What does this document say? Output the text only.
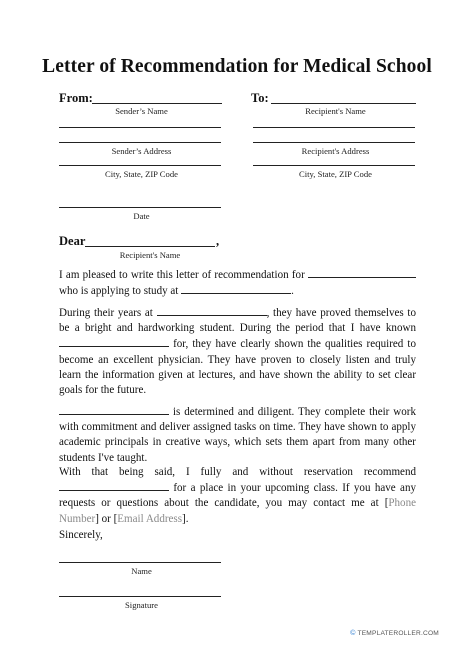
Letter of Recommendation for Medical School
From:
Sender’s Name
To:
Recipient's Name
Sender’s Address	Recipient's Address
City, State, ZIP Code	City, State, ZIP Code
Date
Dear	,
Recipient's Name

I am pleased to write this letter of recommendation for  who is applying to study at	.

During their years at	, they have proved themselves to be a bright and hardworking student. During the period that I have known  for, they have clearly shown the qualities required to become an excellent physician. They have proven to closely listen and truly learn the information given at lectures, and have shown the ability to set clear goals for the future.

is determined and diligent. They complete their work with commitment and deliver assigned tasks on time. They have shown to apply academic principals in creative ways, which sets them apart from many other students I've taught.

With that being said, I fully and without reservation recommend  for a place in your upcoming class. If you have any requests or questions about the candidate, you may contact me at [Phone Number] or [Email Address].

Sincerely,
Name
Signature
© TEMPLATEROLLER.COM
